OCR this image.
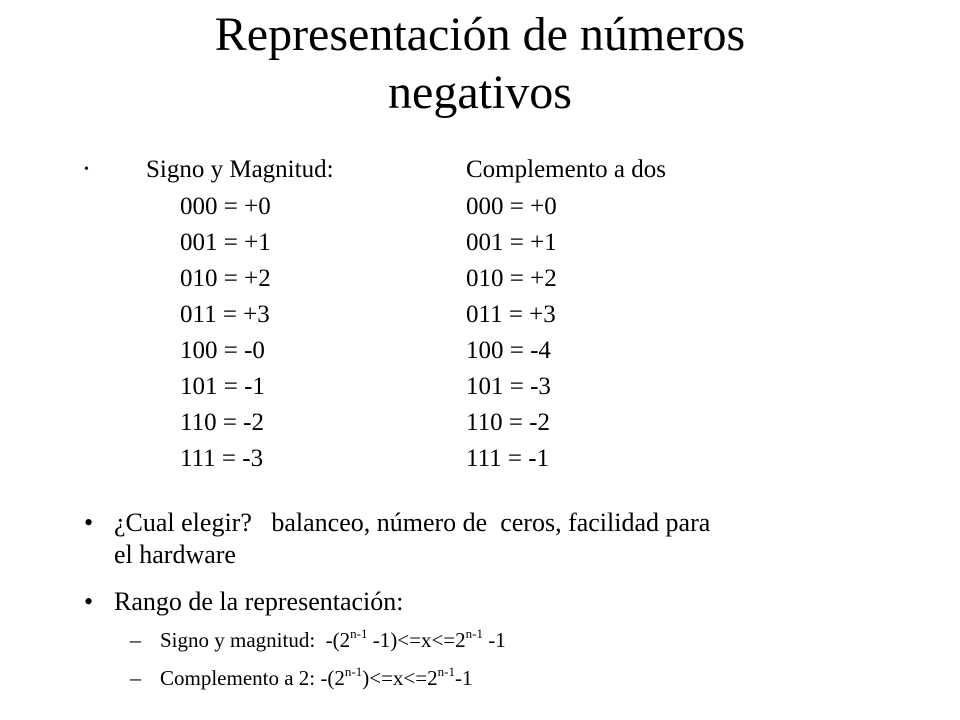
Representación de números
negativos
• Signo y Magnitud:	Complemento a dos
000 = +0
001 = +1
010 = +2
011 = +3
100 = -0
101 = -1
110 = -2
111 = -3
000 = +0
001 = +1
010 = +2
011 = +3
100 = -4
101 = -3
110 = -2
111 = -1
• ¿Cual elegir?   balanceo, número de  ceros, facilidad para
el hardware
• Rango de la representación:
– Signo y magnitud:  -(2$^{n-1}$ $-1)<=x<=2^{n-1}$ -1
– Complemento a 2: $-(2^{n-1})<=x<=2^{n-1}-1$
